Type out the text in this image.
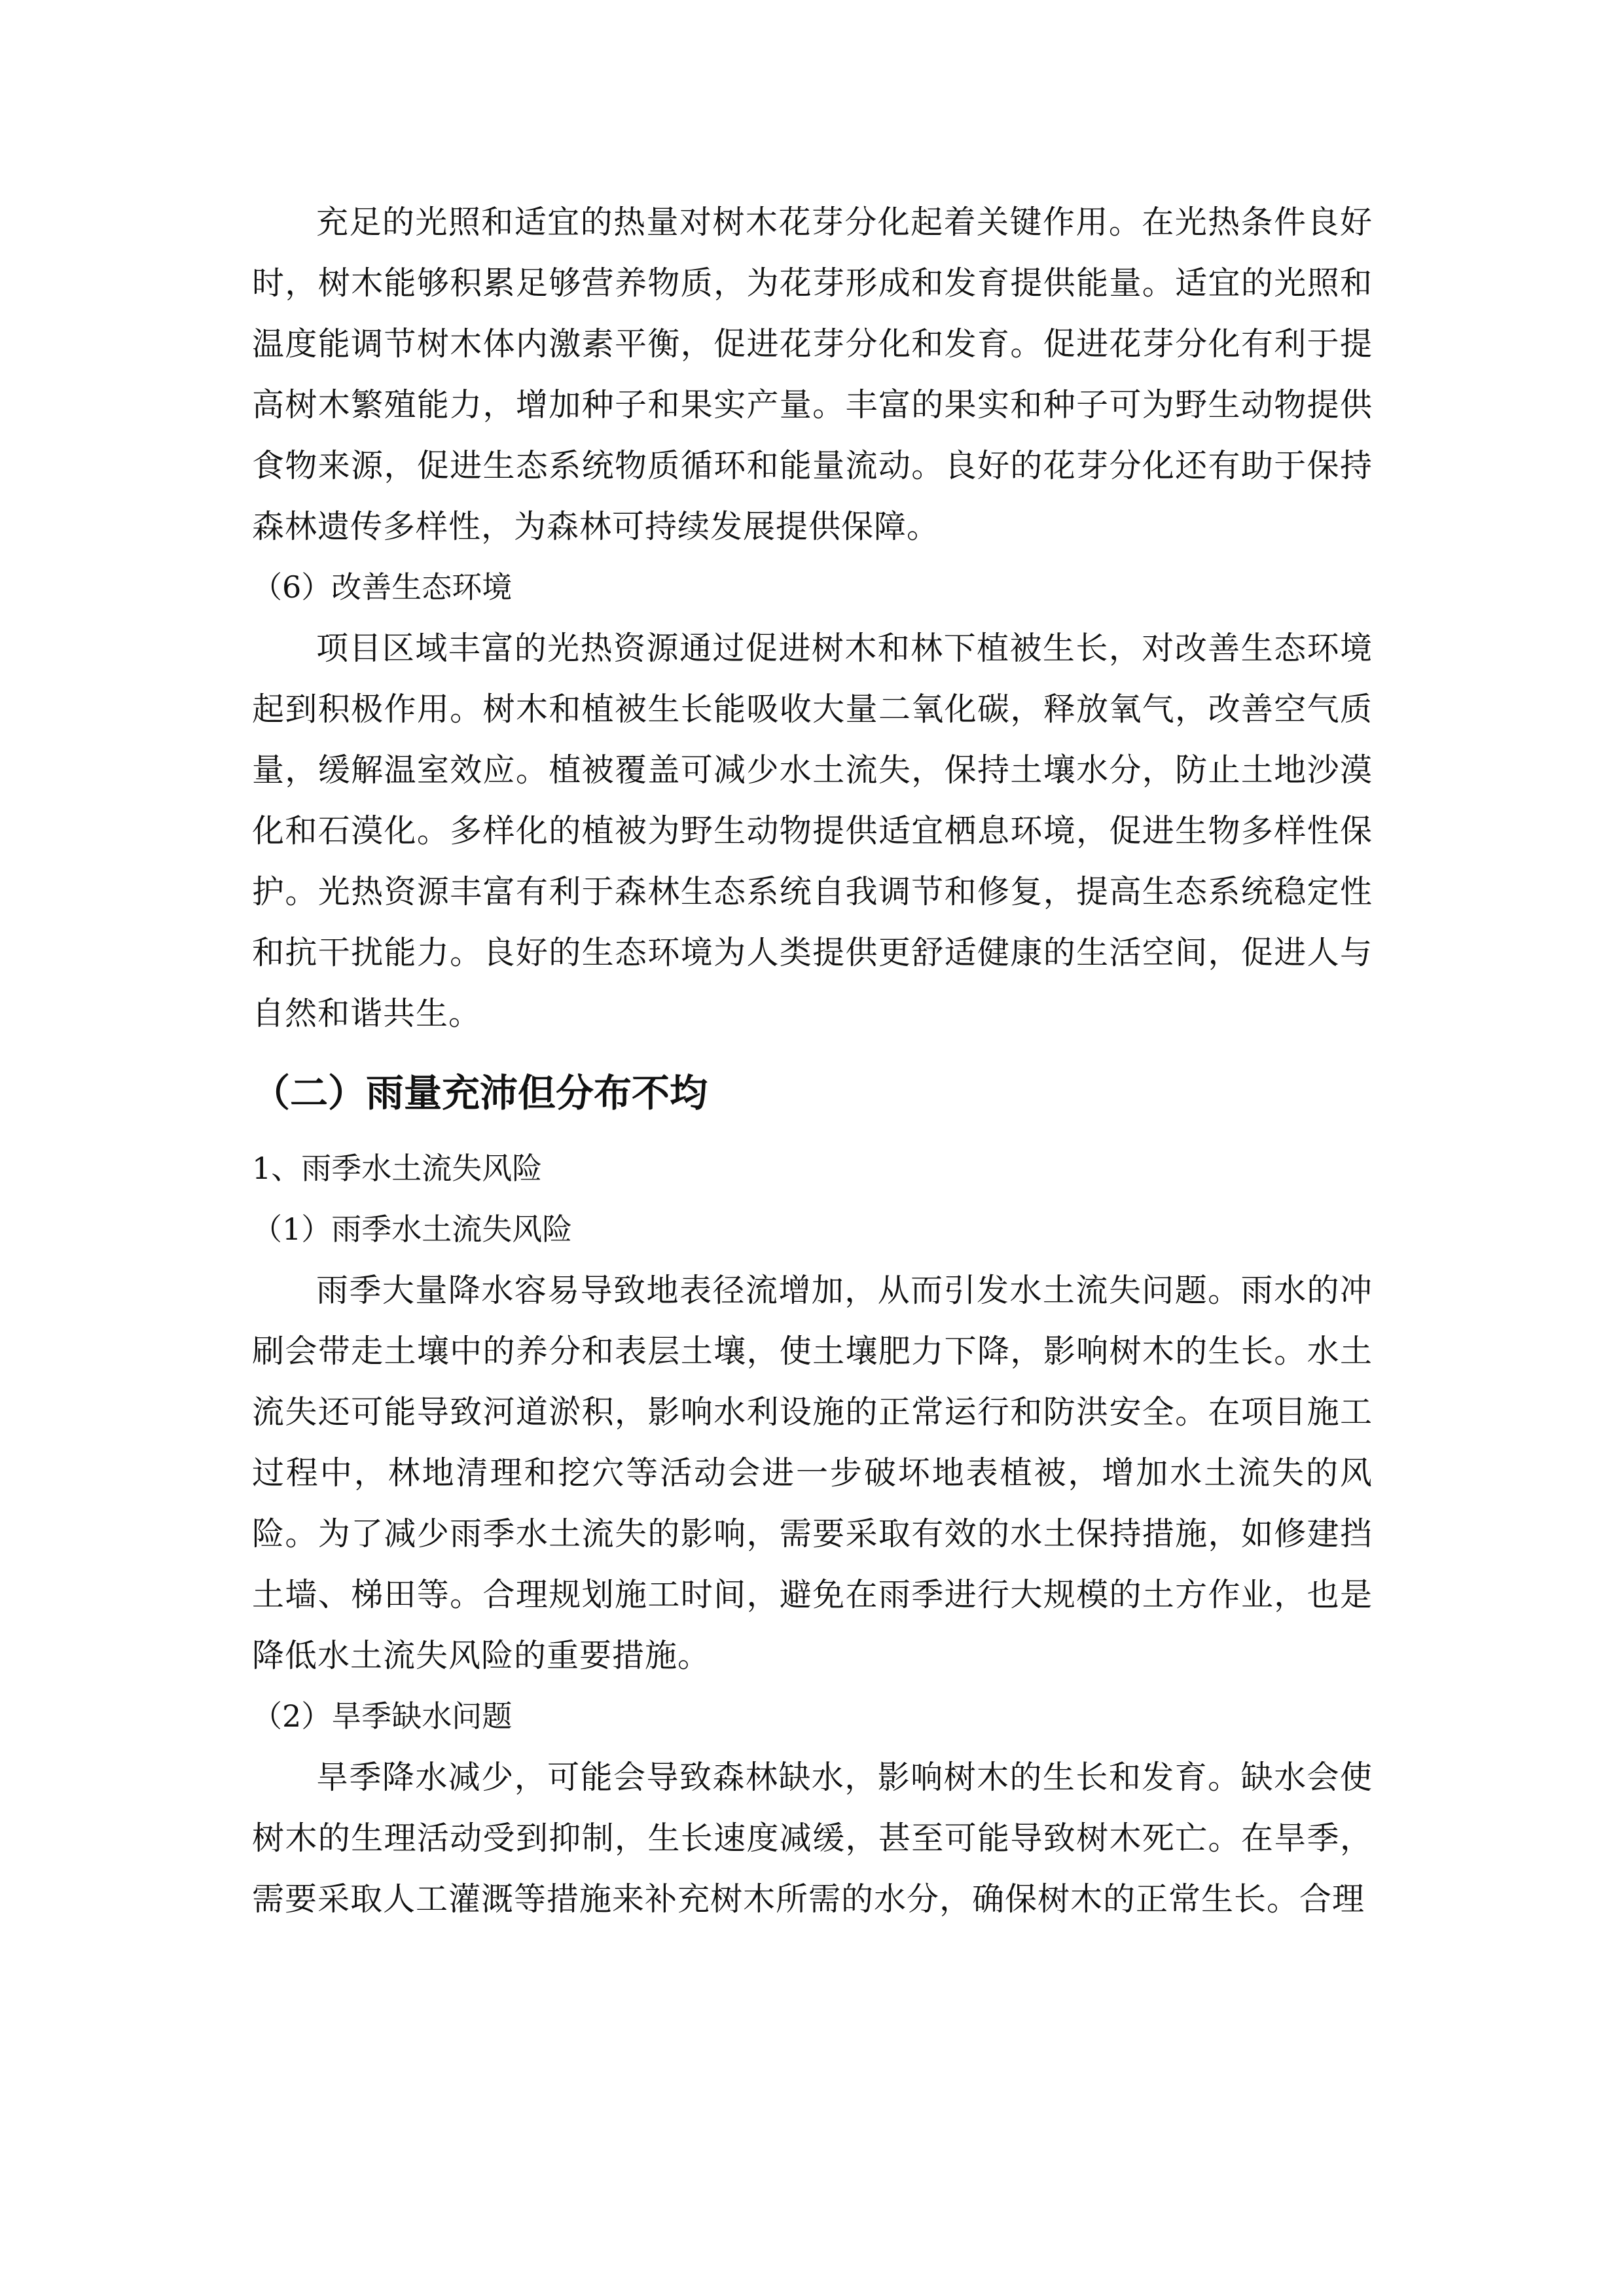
充足的光照和适宜的热量对树木花芽分化起着关键作用。在光热条件良好时，树木能够积累足够营养物质，为花芽形成和发育提供能量。适宜的光照和温度能调节树木体内激素平衡，促进花芽分化和发育。促进花芽分化有利于提高树木繁殖能力，增加种子和果实产量。丰富的果实和种子可为野生动物提供食物来源，促进生态系统物质循环和能量流动。良好的花芽分化还有助于保持森林遗传多样性，为森林可持续发展提供保障。

（6）改善生态环境

项目区域丰富的光热资源通过促进树木和林下植被生长，对改善生态环境起到积极作用。树木和植被生长能吸收大量二氧化碳，释放氧气，改善空气质量，缓解温室效应。植被覆盖可减少水土流失，保持土壤水分，防止土地沙漠化和石漠化。多样化的植被为野生动物提供适宜栖息环境，促进生物多样性保护。光热资源丰富有利于森林生态系统自我调节和修复，提高生态系统稳定性和抗干扰能力。良好的生态环境为人类提供更舒适健康的生活空间，促进人与自然和谐共生。

（二）雨量充沛但分布不均

1、雨季水土流失风险

（1）雨季水土流失风险

雨季大量降水容易导致地表径流增加，从而引发水土流失问题。雨水的冲刷会带走土壤中的养分和表层土壤，使土壤肥力下降，影响树木的生长。水土流失还可能导致河道淤积，影响水利设施的正常运行和防洪安全。在项目施工过程中，林地清理和挖穴等活动会进一步破坏地表植被，增加水土流失的风险。为了减少雨季水土流失的影响，需要采取有效的水土保持措施，如修建挡土墙、梯田等。合理规划施工时间，避免在雨季进行大规模的土方作业，也是降低水土流失风险的重要措施。

（2）旱季缺水问题

旱季降水减少，可能会导致森林缺水，影响树木的生长和发育。缺水会使树木的生理活动受到抑制，生长速度减缓，甚至可能导致树木死亡。在旱季，需要采取人工灌溉等措施来补充树木所需的水分，确保树木的正常生长。合理
